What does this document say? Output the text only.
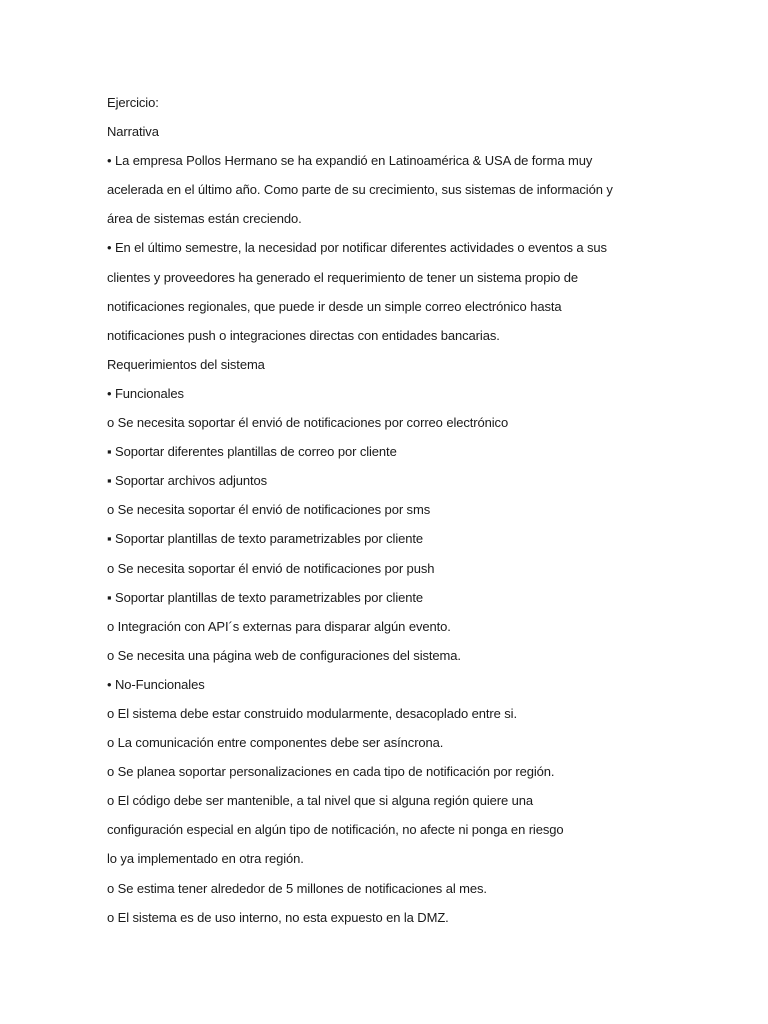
Ejercicio:
Narrativa
• La empresa Pollos Hermano se ha expandió en Latinoamérica & USA de forma muy
acelerada en el último año. Como parte de su crecimiento, sus sistemas de información y
área de sistemas están creciendo.
• En el último semestre, la necesidad por notificar diferentes actividades o eventos a sus
clientes y proveedores ha generado el requerimiento de tener un sistema propio de
notificaciones regionales, que puede ir desde un simple correo electrónico hasta
notificaciones push o integraciones directas con entidades bancarias.
Requerimientos del sistema
• Funcionales
o Se necesita soportar él envió de notificaciones por correo electrónico
▪ Soportar diferentes plantillas de correo por cliente
▪ Soportar archivos adjuntos
o Se necesita soportar él envió de notificaciones por sms
▪ Soportar plantillas de texto parametrizables por cliente
o Se necesita soportar él envió de notificaciones por push
▪ Soportar plantillas de texto parametrizables por cliente
o Integración con API´s externas para disparar algún evento.
o Se necesita una página web de configuraciones del sistema.
• No-Funcionales
o El sistema debe estar construido modularmente, desacoplado entre si.
o La comunicación entre componentes debe ser asíncrona.
o Se planea soportar personalizaciones en cada tipo de notificación por región.
o El código debe ser mantenible, a tal nivel que si alguna región quiere una
configuración especial en algún tipo de notificación, no afecte ni ponga en riesgo
lo ya implementado en otra región.
o Se estima tener alrededor de 5 millones de notificaciones al mes.
o El sistema es de uso interno, no esta expuesto en la DMZ.
